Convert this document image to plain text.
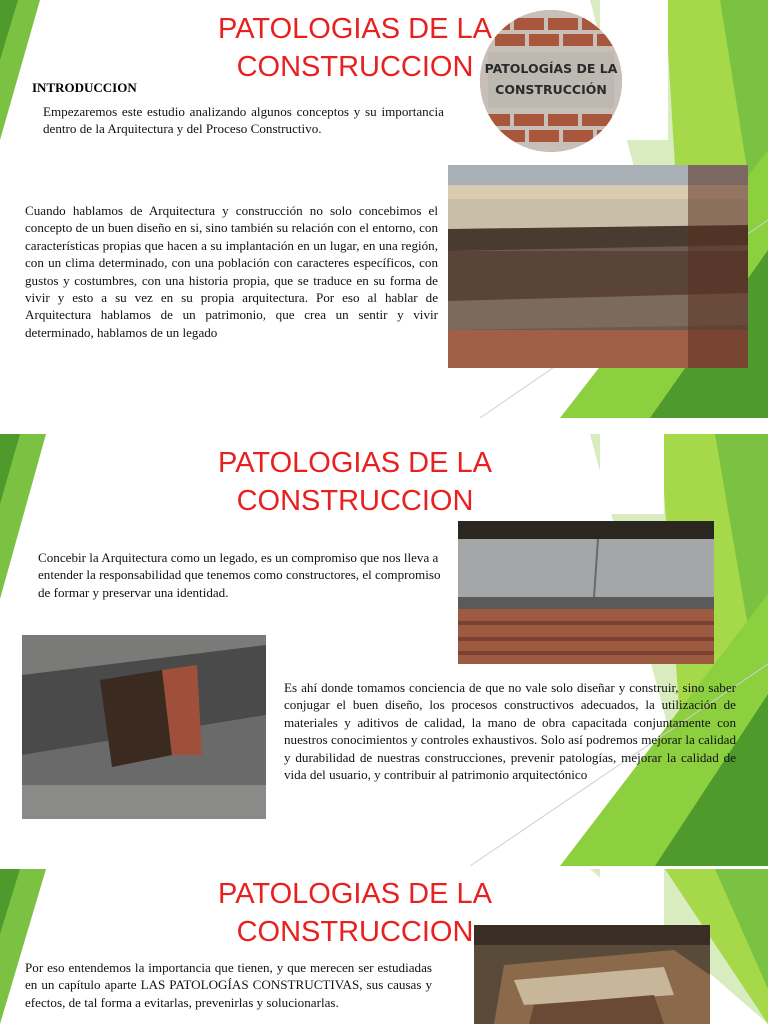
PATOLOGIAS DE LA
CONSTRUCCION PATOLOGÍAS DE LA
CONSTRUCCIÓN
INTRODUCCION

Empezaremos este estudio analizando algunos conceptos y su importancia dentro de la Arquitectura y del Proceso Constructivo.

Cuando hablamos de Arquitectura y construcción no solo concebimos el concepto de un buen diseño en si, sino también su relación con el entorno, con características propias que hacen a su implantación en un lugar, en una región, con un clima determinado, con una población con caracteres específicos, con gustos y costumbres, con una historia propia, que se traduce en su forma de vivir y esto a su vez en su propia arquitectura. Por eso al hablar de Arquitectura hablamos de un patrimonio, que crea un sentir y vivir determinado, hablamos de un legado

PATOLOGIAS DE LA
CONSTRUCCION

Concebir la Arquitectura como un legado, es un compromiso que nos lleva a entender la responsabilidad que tenemos como constructores, el compromiso de formar y preservar una identidad.

Es ahí donde tomamos conciencia de que no vale solo diseñar y construir, sino saber conjugar el buen diseño, los procesos constructivos adecuados, la utilización de materiales y aditivos de calidad, la mano de obra capacitada conjuntamente con nuestros conocimientos y controles exhaustivos. Solo así podremos mejorar la calidad y durabilidad de nuestras construcciones, prevenir patologías, mejorar la calidad de vida del usuario, y contribuir al patrimonio arquitectónico

PATOLOGIAS DE LA
CONSTRUCCION

Por eso entendemos la importancia que tienen, y que merecen ser estudiadas en un capítulo aparte LAS PATOLOGÍAS CONSTRUCTIVAS, sus causas y efectos, de tal forma a evitarlas, prevenirlas y solucionarlas.
